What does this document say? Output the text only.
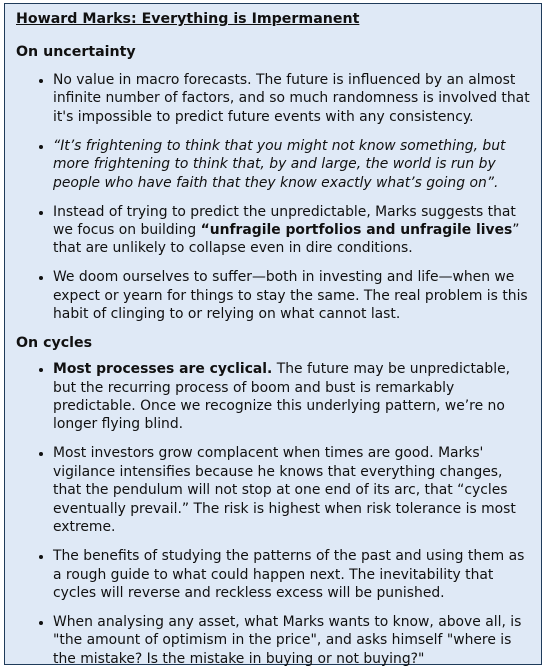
Howard Marks: Everything is Impermanent
On uncertainty
• No value in macro forecasts. The future is influenced by an almost infinite number of factors, and so much randomness is involved that it's impossible to predict future events with any consistency.
• “It’s frightening to think that you might not know something, but more frightening to think that, by and large, the world is run by people who have faith that they know exactly what’s going on”.
• Instead of trying to predict the unpredictable, Marks suggests that we focus on building “unfragile portfolios and unfragile lives” that are unlikely to collapse even in dire conditions.
• We doom ourselves to suffer—both in investing and life—when we expect or yearn for things to stay the same. The real problem is this habit of clinging to or relying on what cannot last.
On cycles
• Most processes are cyclical. The future may be unpredictable, but the recurring process of boom and bust is remarkably predictable. Once we recognize this underlying pattern, we’re no longer flying blind.
• Most investors grow complacent when times are good. Marks' vigilance intensifies because he knows that everything changes, that the pendulum will not stop at one end of its arc, that “cycles eventually prevail.” The risk is highest when risk tolerance is most extreme.
• The benefits of studying the patterns of the past and using them as a rough guide to what could happen next. The inevitability that cycles will reverse and reckless excess will be punished.
• When analysing any asset, what Marks wants to know, above all, is "the amount of optimism in the price", and asks himself "where is the mistake? Is the mistake in buying or not buying?"
